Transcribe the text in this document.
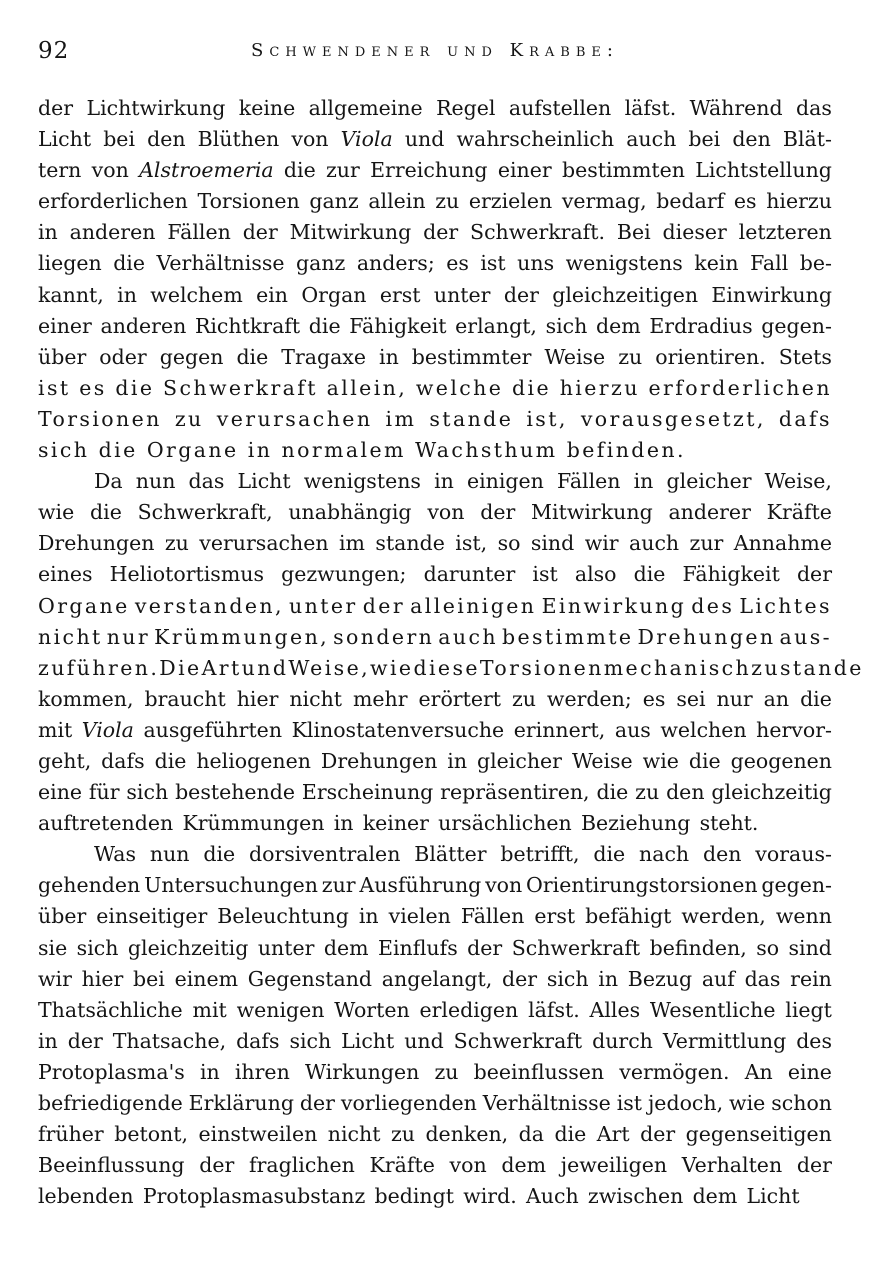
92	Schwendener und Krabbe:
der Lichtwirkung keine allgemeine Regel aufstellen läfst. Während das
Licht bei den Blüthen von Viola und wahrscheinlich auch bei den Blät-
tern von Alstroemeria die zur Erreichung einer bestimmten Lichtstellung
erforderlichen Torsionen ganz allein zu erzielen vermag, bedarf es hierzu
in anderen Fällen der Mitwirkung der Schwerkraft. Bei dieser letzteren
liegen die Verhältnisse ganz anders; es ist uns wenigstens kein Fall be-
kannt, in welchem ein Organ erst unter der gleichzeitigen Einwirkung
einer anderen Richtkraft die Fähigkeit erlangt, sich dem Erdradius gegen-
über oder gegen die Tragaxe in bestimmter Weise zu orientiren. Stets
ist es die Schwerkraft allein, welche die hierzu erforderlichen
Torsionen zu verursachen im stande ist, vorausgesetzt, dafs
sich die Organe in normalem Wachsthum befinden.
Da nun das Licht wenigstens in einigen Fällen in gleicher Weise,
wie die Schwerkraft, unabhängig von der Mitwirkung anderer Kräfte
Drehungen zu verursachen im stande ist, so sind wir auch zur Annahme
eines Heliotortismus gezwungen; darunter ist also die Fähigkeit der
Organe verstanden, unter der alleinigen Einwirkung des Lichtes
nicht nur Krümmungen, sondern auch bestimmte Drehungen aus-
zuführen. Die Art und Weise, wie diese Torsionen mechanisch zu stande
kommen, braucht hier nicht mehr erörtert zu werden; es sei nur an die
mit Viola ausgeführten Klinostatenversuche erinnert, aus welchen hervor-
geht, dafs die heliogenen Drehungen in gleicher Weise wie die geogenen
eine für sich bestehende Erscheinung repräsentiren, die zu den gleichzeitig
auftretenden Krümmungen in keiner ursächlichen Beziehung steht.
Was nun die dorsiventralen Blätter betrifft, die nach den voraus-
gehenden Untersuchungen zur Ausführung von Orientirungstorsionen gegen-
über einseitiger Beleuchtung in vielen Fällen erst befähigt werden, wenn
sie sich gleichzeitig unter dem Einflufs der Schwerkraft befinden, so sind
wir hier bei einem Gegenstand angelangt, der sich in Bezug auf das rein
Thatsächliche mit wenigen Worten erledigen läfst. Alles Wesentliche liegt
in der Thatsache, dafs sich Licht und Schwerkraft durch Vermittlung des
Protoplasma's in ihren Wirkungen zu beeinflussen vermögen. An eine
befriedigende Erklärung der vorliegenden Verhältnisse ist jedoch, wie schon
früher betont, einstweilen nicht zu denken, da die Art der gegenseitigen
Beeinflussung der fraglichen Kräfte von dem jeweiligen Verhalten der
lebenden Protoplasmasubstanz bedingt wird. Auch zwischen dem Licht
